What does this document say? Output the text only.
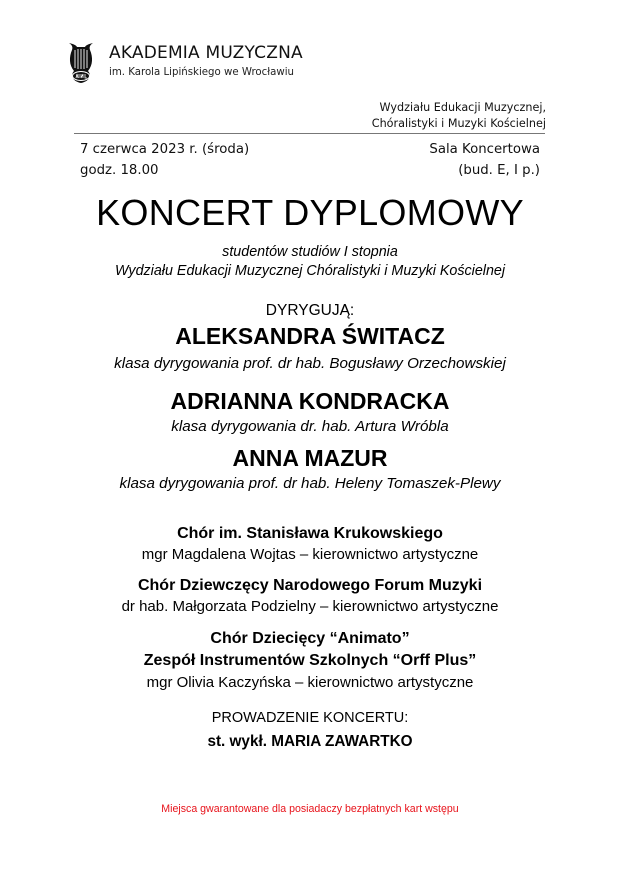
AKADEMIA MUZYCZNA
im. Karola Lipińskiego we Wrocławiu
Wydziału Edukacji Muzycznej,
Chóralistyki i Muzyki Kościelnej
7 czerwca 2023 r. (środa)
godz. 18.00
Sala Koncertowa
(bud. E, I p.)
KONCERT DYPLOMOWY
studentów studiów I stopnia
Wydziału Edukacji Muzycznej Chóralistyki i Muzyki Kościelnej
DYRYGUJĄ:
ALEKSANDRA ŚWITACZ
klasa dyrygowania prof. dr hab. Bogusławy Orzechowskiej
ADRIANNA KONDRACKA
klasa dyrygowania dr. hab. Artura Wróbla
ANNA MAZUR
klasa dyrygowania prof. dr hab. Heleny Tomaszek-Plewy
Chór im. Stanisława Krukowskiego
mgr Magdalena Wojtas – kierownictwo artystyczne
Chór Dziewczęcy Narodowego Forum Muzyki
dr hab. Małgorzata Podzielny – kierownictwo artystyczne
Chór Dziecięcy “Animato”
Zespół Instrumentów Szkolnych “Orff Plus”
mgr Olivia Kaczyńska – kierownictwo artystyczne
PROWADZENIE KONCERTU:
st. wykł. MARIA ZAWARTKO
Miejsca gwarantowane dla posiadaczy bezpłatnych kart wstępu
